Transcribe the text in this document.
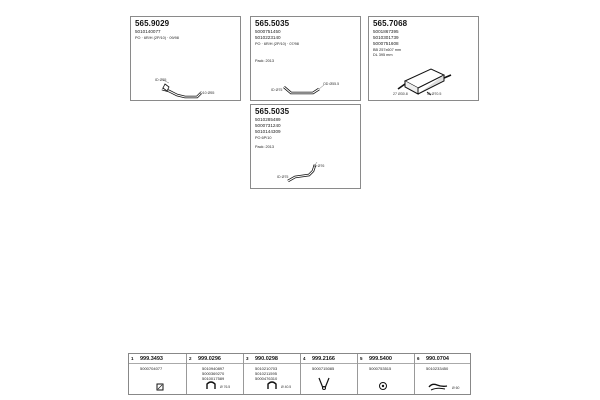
565.9029
5010140077
PO · 6R/H (2P/10) · 09/98
ID Ø55
D10 Ø55
565.5035
5000751450
5010223140
PO · 6R/H (2P/10) · 07/98
Pack: 2013
ID Ø75
OD Ø55.5
565.7068
5001867395
5010301739
5000751608
BB 257x607 mm
DL 395 mm
27 Ø30.8	ID Ø70.5
565.5035
5010285489
5000731240
5010144309
PO 6P/10
Pack: 2013
ID Ø75
ID Ø76
1 999.3493
5000704077
2 999.0296
5010940897
5000369270
5010017589
Ø 76.5
3 990.0298
5010210703
5010211595
5000476310
Ø 40.5
4 999.2166
5000715085
5 999.5400
5000753515
6 990.0704
5010233450
Ø 60
